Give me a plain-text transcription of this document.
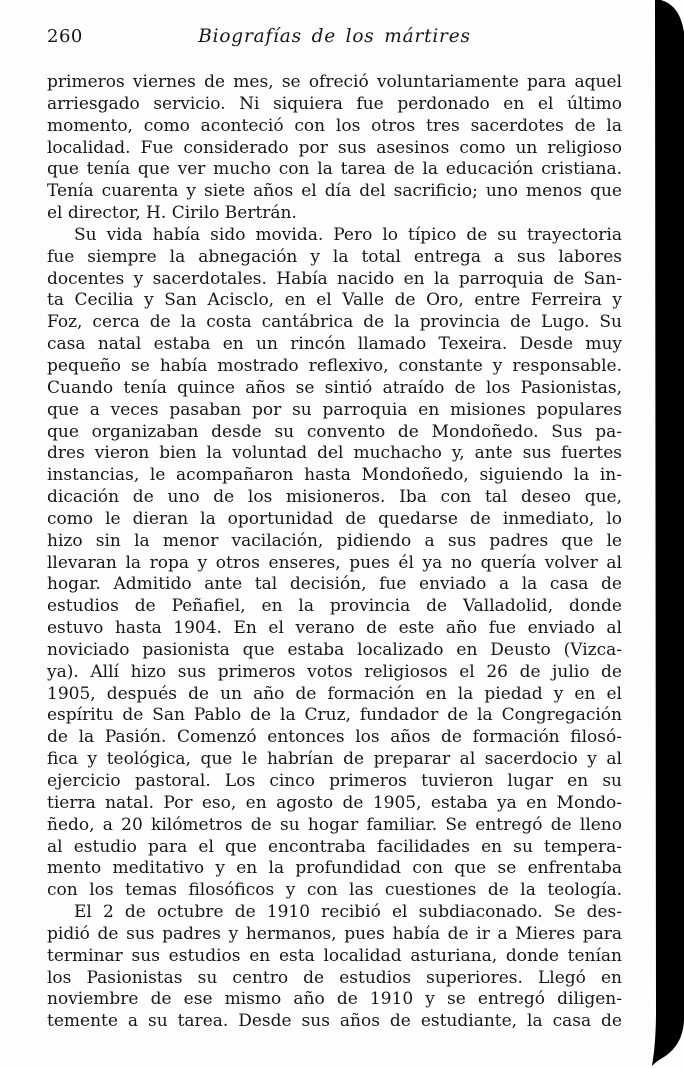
260	Biografías de los mártires
primeros viernes de mes, se ofreció voluntariamente para aquel
arriesgado servicio. Ni siquiera fue perdonado en el último
momento, como aconteció con los otros tres sacerdotes de la
localidad. Fue considerado por sus asesinos como un religioso
que tenía que ver mucho con la tarea de la educación cristiana.
Tenía cuarenta y siete años el día del sacrificio; uno menos que
el director, H. Cirilo Bertrán.
Su vida había sido movida. Pero lo típico de su trayectoria
fue siempre la abnegación y la total entrega a sus labores
docentes y sacerdotales. Había nacido en la parroquia de San-
ta Cecilia y San Acisclo, en el Valle de Oro, entre Ferreira y
Foz, cerca de la costa cantábrica de la provincia de Lugo. Su
casa natal estaba en un rincón llamado Texeira. Desde muy
pequeño se había mostrado reflexivo, constante y responsable.
Cuando tenía quince años se sintió atraído de los Pasionistas,
que a veces pasaban por su parroquia en misiones populares
que organizaban desde su convento de Mondoñedo. Sus pa-
dres vieron bien la voluntad del muchacho y, ante sus fuertes
instancias, le acompañaron hasta Mondoñedo, siguiendo la in-
dicación de uno de los misioneros. Iba con tal deseo que,
como le dieran la oportunidad de quedarse de inmediato, lo
hizo sin la menor vacilación, pidiendo a sus padres que le
llevaran la ropa y otros enseres, pues él ya no quería volver al
hogar. Admitido ante tal decisión, fue enviado a la casa de
estudios de Peñafiel, en la provincia de Valladolid, donde
estuvo hasta 1904. En el verano de este año fue enviado al
noviciado pasionista que estaba localizado en Deusto (Vizca-
ya). Allí hizo sus primeros votos religiosos el 26 de julio de
1905, después de un año de formación en la piedad y en el
espíritu de San Pablo de la Cruz, fundador de la Congregación
de la Pasión. Comenzó entonces los años de formación filosó-
fica y teológica, que le habrían de preparar al sacerdocio y al
ejercicio pastoral. Los cinco primeros tuvieron lugar en su
tierra natal. Por eso, en agosto de 1905, estaba ya en Mondo-
ñedo, a 20 kilómetros de su hogar familiar. Se entregó de lleno
al estudio para el que encontraba facilidades en su tempera-
mento meditativo y en la profundidad con que se enfrentaba
con los temas filosóficos y con las cuestiones de la teología.
El 2 de octubre de 1910 recibió el subdiaconado. Se des-
pidió de sus padres y hermanos, pues había de ir a Mieres para
terminar sus estudios en esta localidad asturiana, donde tenían
los Pasionistas su centro de estudios superiores. Llegó en
noviembre de ese mismo año de 1910 y se entregó diligen-
temente a su tarea. Desde sus años de estudiante, la casa de
